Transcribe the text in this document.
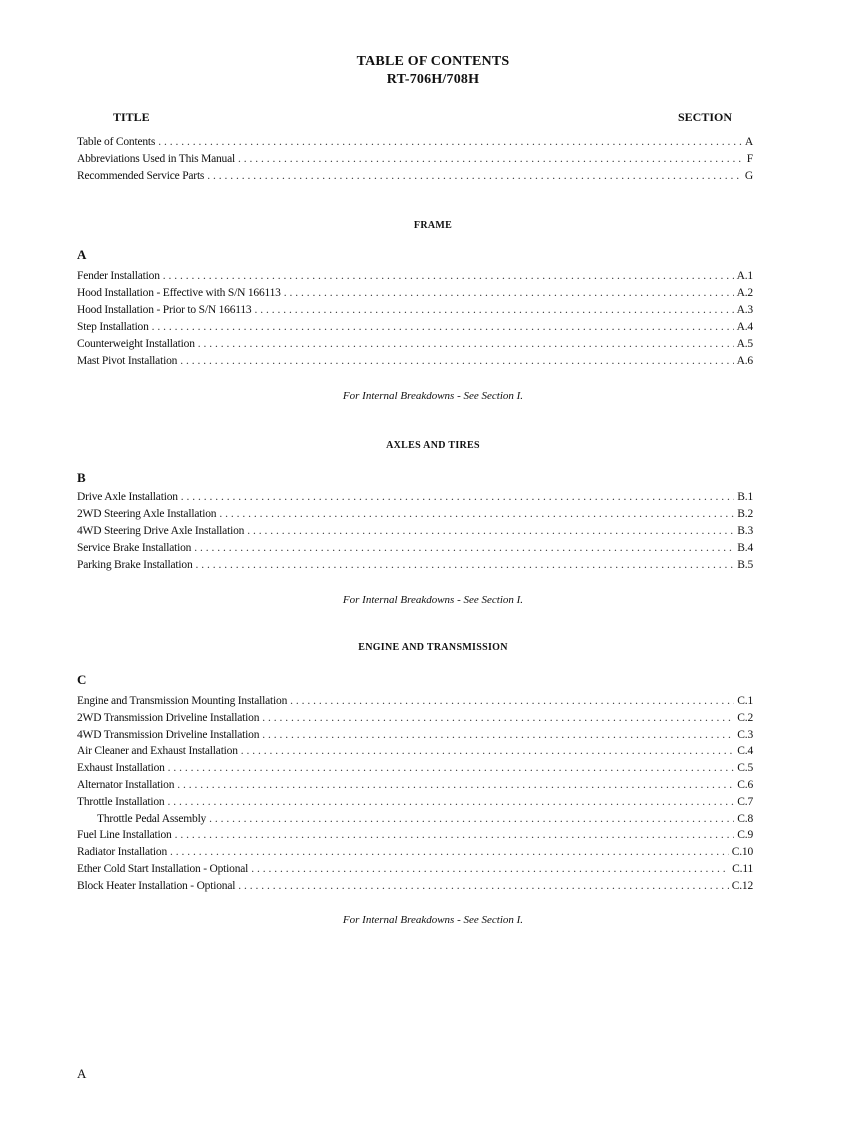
TABLE OF CONTENTS
RT-706H/708H
TITLE	SECTION
Table of Contents . . .	A
Abbreviations Used in This Manual . . .	F
Recommended Service Parts . . .	G
FRAME
A
Fender Installation . . .	A.1
Hood Installation - Effective with S/N 166113 . . .	A.2
Hood Installation - Prior to S/N 166113 . . .	A.3
Step Installation . . .	A.4
Counterweight Installation . . .	A.5
Mast Pivot Installation . . .	A.6
For Internal Breakdowns - See Section I.
AXLES AND TIRES
B
Drive Axle Installation . . .	B.1
2WD Steering Axle Installation . . .	B.2
4WD Steering Drive Axle Installation . . .	B.3
Service Brake Installation . . .	B.4
Parking Brake Installation . . .	B.5
For Internal Breakdowns - See Section I.
ENGINE AND TRANSMISSION
C
Engine and Transmission Mounting Installation . . .	C.1
2WD Transmission Driveline Installation . . .	C.2
4WD Transmission Driveline Installation . . .	C.3
Air Cleaner and Exhaust Installation . . .	C.4
Exhaust Installation . . .	C.5
Alternator Installation . . .	C.6
Throttle Installation . . .	C.7
Throttle Pedal Assembly . . .	C.8
Fuel Line Installation . . .	C.9
Radiator Installation . . .	C.10
Ether Cold Start Installation - Optional . . .	C.11
Block Heater Installation - Optional . . .	C.12
For Internal Breakdowns - See Section I.
A
